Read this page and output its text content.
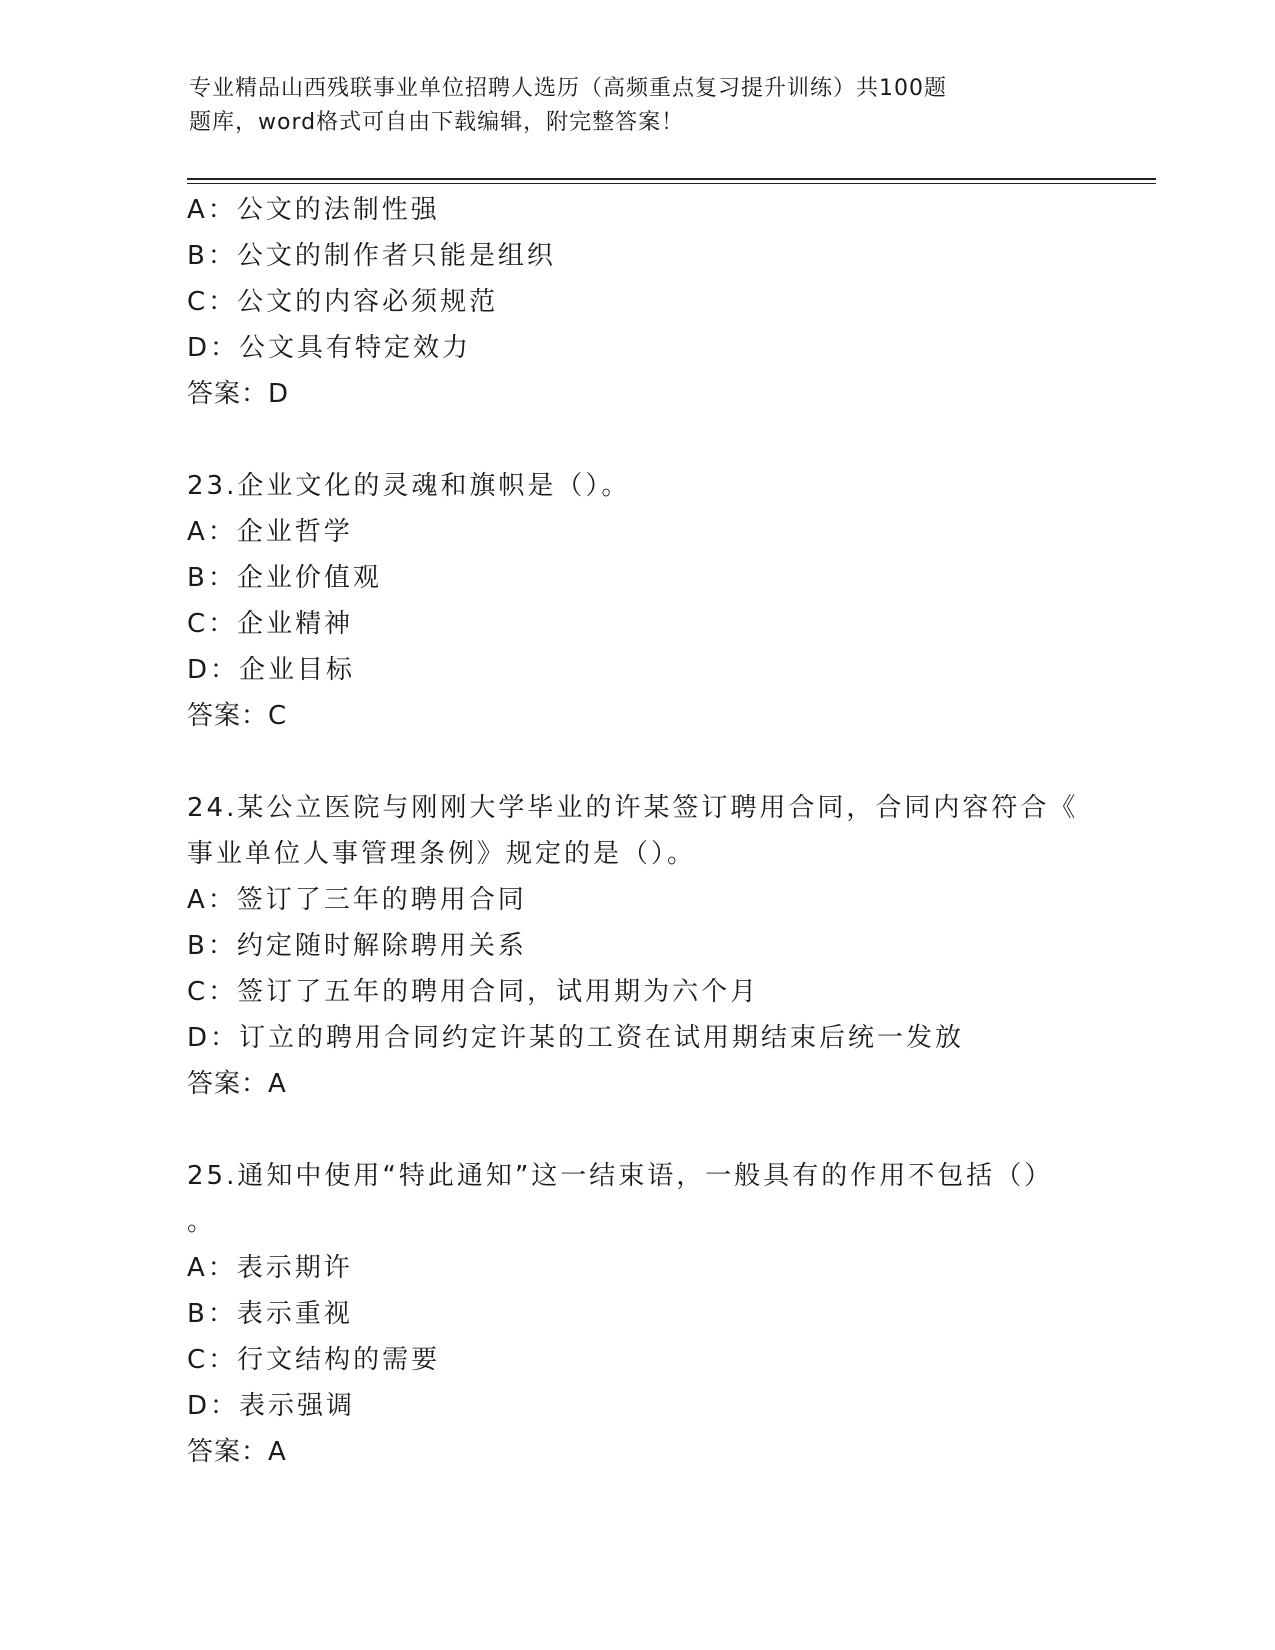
专业精品山西残联事业单位招聘人选历（高频重点复习提升训练）共100题
题库，word格式可自由下载编辑，附完整答案！
A：公文的法制性强
B：公文的制作者只能是组织
C：公文的内容必须规范
D：公文具有特定效力
答案：D
23.企业文化的灵魂和旗帜是（）。
A：企业哲学
B：企业价值观
C：企业精神
D：企业目标
答案：C
24.某公立医院与刚刚大学毕业的许某签订聘用合同，合同内容符合《
事业单位人事管理条例》规定的是（）。
A：签订了三年的聘用合同
B：约定随时解除聘用关系
C：签订了五年的聘用合同，试用期为六个月
D：订立的聘用合同约定许某的工资在试用期结束后统一发放
答案：A
25.通知中使用“特此通知”这一结束语，一般具有的作用不包括（）
。
A：表示期许
B：表示重视
C：行文结构的需要
D：表示强调
答案：A
